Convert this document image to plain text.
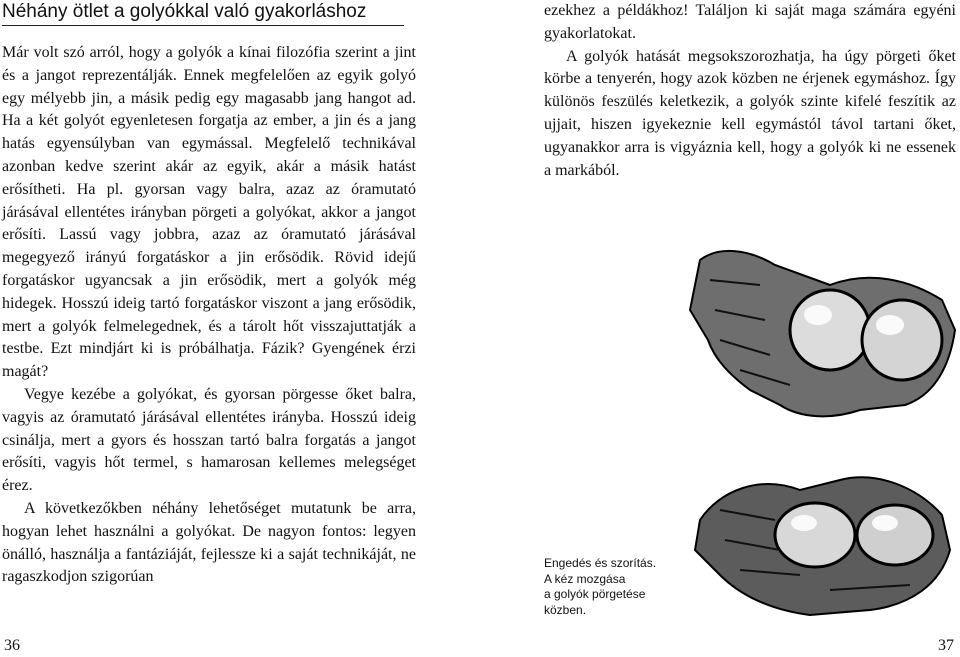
Néhány ötlet a golyókkal való gyakorláshoz

Már volt szó arról, hogy a golyók a kínai filozófia szerint a jint és a jangot reprezentálják. Ennek megfelelően az egyik golyó egy mélyebb jin, a másik pedig egy magasabb jang hangot ad. Ha a két golyót egyenletesen forgatja az ember, a jin és a jang hatás egyensúlyban van egymással. Megfelelő technikával azonban kedve szerint akár az egyik, akár a másik hatást erősítheti. Ha pl. gyorsan vagy balra, azaz az óramutató járásával ellentétes irányban pörgeti a golyókat, akkor a jangot erősíti. Lassú vagy jobbra, azaz az óramutató járásával megegyező irányú forgatáskor a jin erősödik. Rövid idejű forgatáskor ugyancsak a jin erősödik, mert a golyók még hidegek. Hosszú ideig tartó forgatáskor viszont a jang erősödik, mert a golyók felmelegednek, és a tárolt hőt visszajuttatják a testbe. Ezt mindjárt ki is próbálhatja. Fázik? Gyengének érzi magát?

Vegye kezébe a golyókat, és gyorsan pörgesse őket balra, vagyis az óramutató járásával ellentétes irányba. Hosszú ideig csinálja, mert a gyors és hosszan tartó balra forgatás a jangot erősíti, vagyis hőt termel, s hamarosan kellemes melegséget érez.

A következőkben néhány lehetőséget mutatunk be arra, hogyan lehet használni a golyókat. De nagyon fontos: legyen önálló, használja a fantáziáját, fejlessze ki a saját technikáját, ne ragaszkodjon szigorúan

36

ezekhez a példákhoz! Találjon ki saját maga számára egyéni gyakorlatokat.

A golyók hatását megsokszorozhatja, ha úgy pörgeti őket körbe a tenyerén, hogy azok közben ne érjenek egymáshoz. Így különös feszülés keletkezik, a golyók szinte kifelé feszítik az ujjait, hiszen igyekeznie kell egymástól távol tartani őket, ugyanakkor arra is vigyáznia kell, hogy a golyók ki ne essenek a markából.

Engedés és szorítás.
A kéz mozgása
a golyók pörgetése
közben.
37
